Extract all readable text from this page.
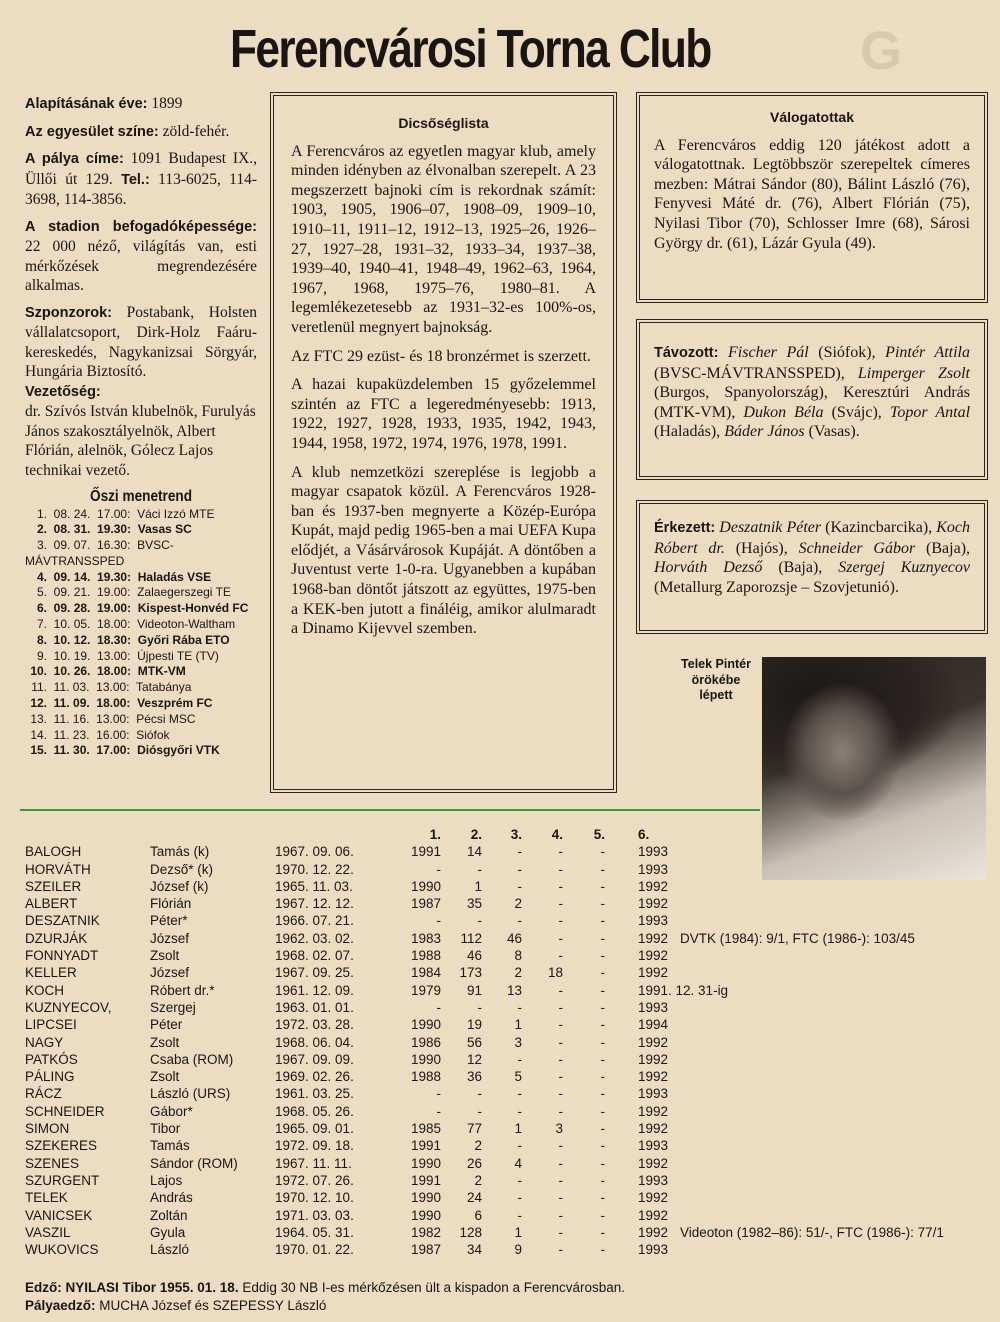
G
Ferencvárosi Torna Club

Alapításának éve: 1899

Az egyesület színe: zöld-fehér.

A pálya címe: 1091 Budapest IX., Üllői út 129. Tel.: 113-6025, 114-3698, 114-3856.

A stadion befogadóképessége: 22 000 néző, világítás van, esti mérkőzések megrendezésére alkalmas.

Szponzorok: Postabank, Holsten vállalatcsoport, Dirk-Holz Faáru-kereskedés, Nagykanizsai Sörgyár, Hungária Biztosító.

Vezetőség:
dr. Szívós István klubelnök, Furulyás János szakosztályelnök, Albert Flórián, alelnök, Gólecz Lajos technikai vezető.

Őszi menetrend
1. 08. 24. 17.00: Váci Izzó MTE
2. 08. 31. 19.30: Vasas SC
3. 09. 07. 16.30: BVSC-MÁVTRANSSPED
4. 09. 14. 19.30: Haladás VSE
5. 09. 21. 19.00: Zalaegerszegi TE
6. 09. 28. 19.00: Kispest-Honvéd FC
7. 10. 05. 18.00: Videoton-Waltham
8. 10. 12. 18.30: Győri Rába ETO
9. 10. 19. 13.00: Újpesti TE (TV)
10. 10. 26. 18.00: MTK-VM
11. 11. 03. 13.00: Tatabánya
12. 11. 09. 18.00: Veszprém FC
13. 11. 16. 13.00: Pécsi MSC
14. 11. 23. 16.00: Siófok
15. 11. 30. 17.00: Diósgyőri VTK
Dicsőséglista

A Ferencváros az egyetlen magyar klub, amely minden idényben az élvonalban szerepelt. A 23 megszerzett bajnoki cím is rekordnak számít: 1903, 1905, 1906–07, 1908–09, 1909–10, 1910–11, 1911–12, 1912–13, 1925–26, 1926–27, 1927–28, 1931–32, 1933–34, 1937–38, 1939–40, 1940–41, 1948–49, 1962–63, 1964, 1967, 1968, 1975–76, 1980–81. A legemlékezetesebb az 1931–32-es 100%-os, veretlenül megnyert bajnokság.

Az FTC 29 ezüst- és 18 bronzérmet is szerzett.

A hazai kupaküzdelemben 15 győzelemmel szintén az FTC a legeredményesebb: 1913, 1922, 1927, 1928, 1933, 1935, 1942, 1943, 1944, 1958, 1972, 1974, 1976, 1978, 1991.

A klub nemzetközi szereplése is legjobb a magyar csapatok közül. A Ferencváros 1928-ban és 1937-ben megnyerte a Közép-Európa Kupát, majd pedig 1965-ben a mai UEFA Kupa elődjét, a Vásárvárosok Kupáját. A döntőben a Juventust verte 1-0-ra. Ugyanebben a kupában 1968-ban döntőt játszott az együttes, 1975-ben a KEK-ben jutott a fináléig, amikor alulmaradt a Dinamo Kijevvel szemben.

Válogatottak
A Ferencváros eddig 120 játékost adott a válogatottnak. Legtöbbször szerepeltek címeres mezben: Mátrai Sándor (80), Bálint László (76), Fenyvesi Máté dr. (76), Albert Flórián (75), Nyilasi Tibor (70), Schlosser Imre (68), Sárosi György dr. (61), Lázár Gyula (49).
Távozott: Fischer Pál (Siófok), Pintér Attila (BVSC-MÁVTRANSSPED), Limperger Zsolt (Burgos, Spanyolország), Keresztúri András (MTK-VM), Dukon Béla (Svájc), Topor Antal (Haladás), Báder János (Vasas).
Érkezett: Deszatnik Péter (Kazincbarcika), Koch Róbert dr. (Hajós), Schneider Gábor (Baja), Horváth Dezső (Baja), Szergej Kuznyecov (Metallurg Zaporozsje – Szovjetunió).
Telek Pintér örökébe lépett
1.	2.	3.	4.	5. 6.
BALOGH	Tamás (k)	1967. 09. 06.	1991	14	-	-	- 1993
HORVÁTH	Dezső* (k)	1970. 12. 22.	-	-	-	-	- 1993
SZEILER	József (k)	1965. 11. 03.	1990	1	-	-	- 1992
ALBERT	Flórián	1967. 12. 12.	1987	35	2	-	- 1992
DESZATNIK	Péter*	1966. 07. 21.	-	-	-	-	- 1993
DZURJÁK	József	1962. 03. 02.	1983	112	46	-	- 1992 DVTK (1984): 9/1, FTC (1986-): 103/45
FONNYADT	Zsolt	1968. 02. 07.	1988	46	8	-	- 1992
KELLER	József	1967. 09. 25.	1984	173	2	18	- 1992
KOCH	Róbert dr.*	1961. 12. 09.	1979	91	13	-	- 1991. 12. 31-ig
KUZNYECOV,	Szergej	1963. 01. 01.	-	-	-	-	- 1993
LIPCSEI	Péter	1972. 03. 28.	1990	19	1	-	- 1994
NAGY	Zsolt	1968. 06. 04.	1986	56	3	-	- 1992
PATKÓS	Csaba (ROM)	1967. 09. 09.	1990	12	-	-	- 1992
PÁLING	Zsolt	1969. 02. 26.	1988	36	5	-	- 1992
RÁCZ	László (URS)	1961. 03. 25.	-	-	-	-	- 1993
SCHNEIDER	Gábor*	1968. 05. 26.	-	-	-	-	- 1992
SIMON	Tibor	1965. 09. 01.	1985	77	1	3	- 1992
SZEKERES	Tamás	1972. 09. 18.	1991	2	-	-	- 1993
SZENES	Sándor (ROM)	1967. 11. 11.	1990	26	4	-	- 1992
SZURGENT	Lajos	1972. 07. 26.	1991	2	-	-	- 1993
TELEK	András	1970. 12. 10.	1990	24	-	-	- 1992
VANICSEK	Zoltán	1971. 03. 03.	1990	6	-	-	- 1992
VASZIL	Gyula	1964. 05. 31.	1982	128	1	-	- 1992 Videoton (1982–86): 51/-, FTC (1986-): 77/1
WUKOVICS	László	1970. 01. 22.	1987	34	9	-	- 1993
Edző: NYILASI Tibor 1955. 01. 18. Eddig 30 NB I-es mérkőzésen ült a kispadon a Ferencvárosban.
Pályaedző: MUCHA József és SZEPESSY László
